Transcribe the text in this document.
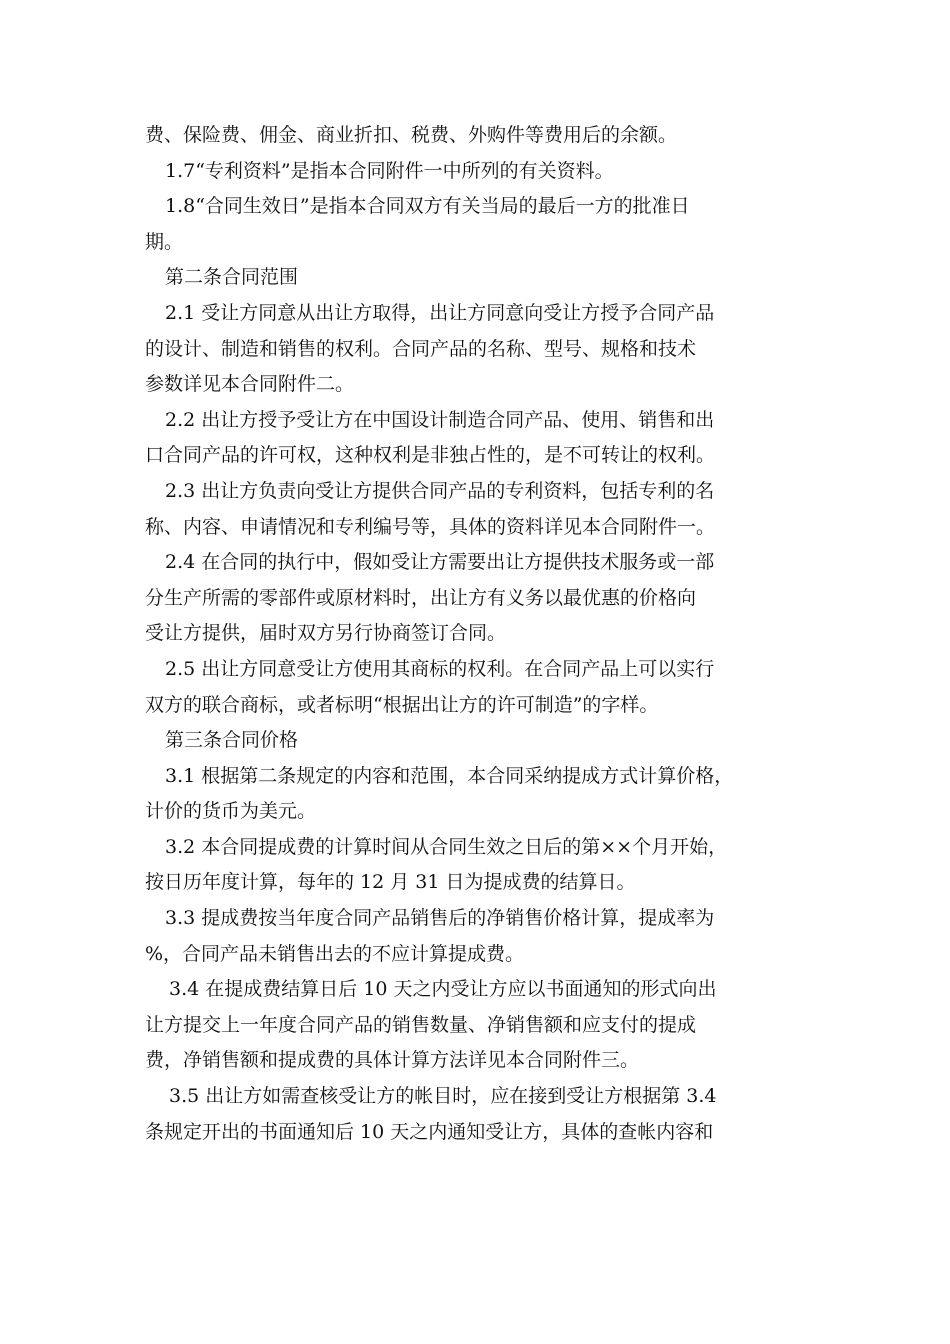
费、保险费、佣金、商业折扣、税费、外购件等费用后的余额。
1.7“专利资料”是指本合同附件一中所列的有关资料。
1.8“合同生效日”是指本合同双方有关当局的最后一方的批准日
期。
第二条合同范围
2.1 受让方同意从出让方取得，出让方同意向受让方授予合同产品
的设计、制造和销售的权利。合同产品的名称、型号、规格和技术
参数详见本合同附件二。
2.2 出让方授予受让方在中国设计制造合同产品、使用、销售和出
口合同产品的许可权，这种权利是非独占性的，是不可转让的权利。
2.3 出让方负责向受让方提供合同产品的专利资料，包括专利的名
称、内容、申请情况和专利编号等，具体的资料详见本合同附件一。
2.4 在合同的执行中，假如受让方需要出让方提供技术服务或一部
分生产所需的零部件或原材料时，出让方有义务以最优惠的价格向
受让方提供，届时双方另行协商签订合同。
2.5 出让方同意受让方使用其商标的权利。在合同产品上可以实行
双方的联合商标，或者标明“根据出让方的许可制造”的字样。
第三条合同价格
3.1 根据第二条规定的内容和范围，本合同采纳提成方式计算价格，
计价的货币为美元。
3.2 本合同提成费的计算时间从合同生效之日后的第××个月开始，
按日历年度计算，每年的 12 月 31 日为提成费的结算日。
3.3 提成费按当年度合同产品销售后的净销售价格计算，提成率为
%，合同产品未销售出去的不应计算提成费。
3.4 在提成费结算日后 10 天之内受让方应以书面通知的形式向出
让方提交上一年度合同产品的销售数量、净销售额和应支付的提成
费，净销售额和提成费的具体计算方法详见本合同附件三。
3.5 出让方如需查核受让方的帐目时，应在接到受让方根据第 3.4
条规定开出的书面通知后 10 天之内通知受让方，具体的查帐内容和
